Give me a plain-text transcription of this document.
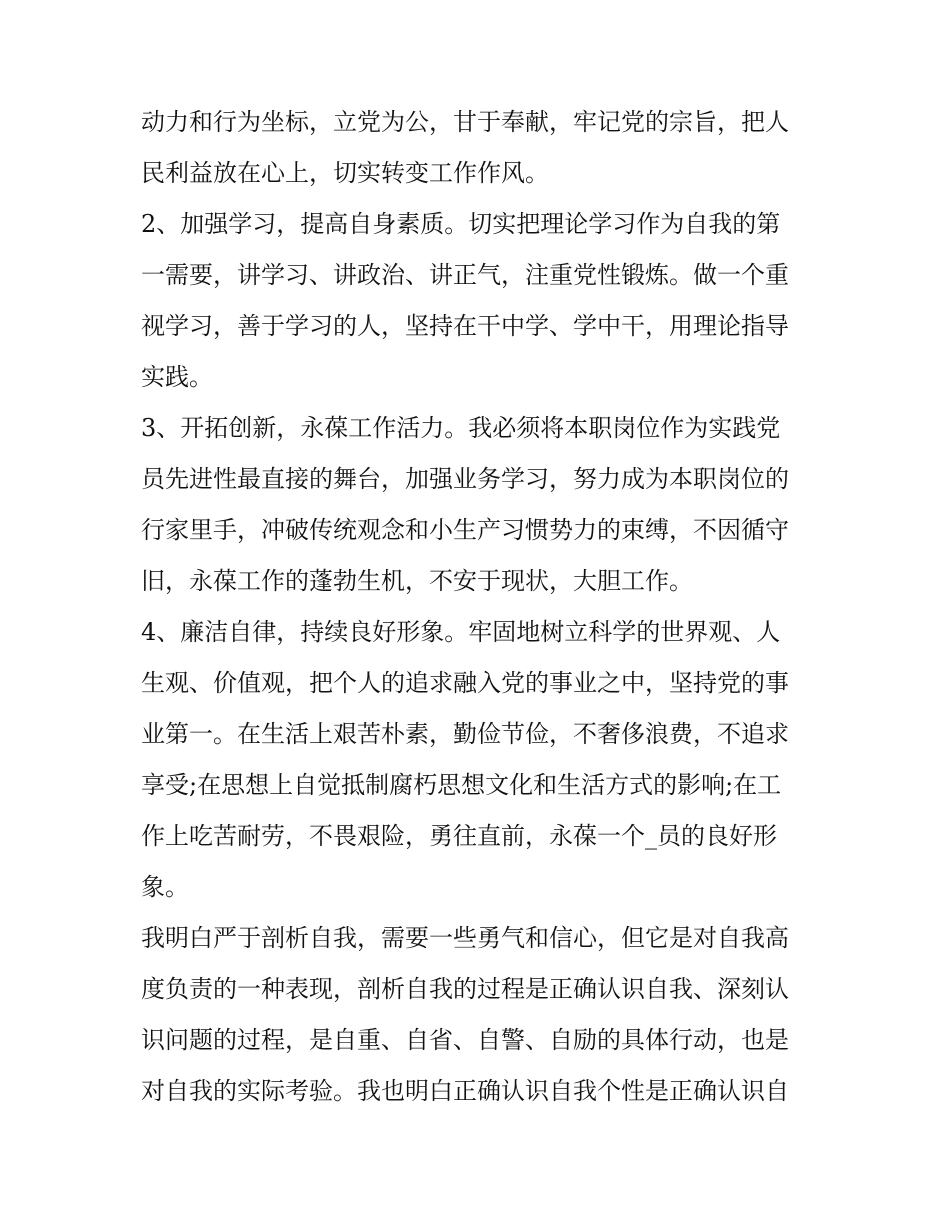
动力和行为坐标，立党为公，甘于奉献，牢记党的宗旨，把人
民利益放在心上，切实转变工作作风。
2、加强学习，提高自身素质。切实把理论学习作为自我的第
一需要，讲学习、讲政治、讲正气，注重党性锻炼。做一个重
视学习，善于学习的人，坚持在干中学、学中干，用理论指导
实践。
3、开拓创新，永葆工作活力。我必须将本职岗位作为实践党
员先进性最直接的舞台，加强业务学习，努力成为本职岗位的
行家里手，冲破传统观念和小生产习惯势力的束缚，不因循守
旧，永葆工作的蓬勃生机，不安于现状，大胆工作。
4、廉洁自律，持续良好形象。牢固地树立科学的世界观、人
生观、价值观，把个人的追求融入党的事业之中，坚持党的事
业第一。在生活上艰苦朴素，勤俭节俭，不奢侈浪费，不追求
享受;在思想上自觉抵制腐朽思想文化和生活方式的影响;在工
作上吃苦耐劳，不畏艰险，勇往直前，永葆一个_员的良好形
象。
我明白严于剖析自我，需要一些勇气和信心，但它是对自我高
度负责的一种表现，剖析自我的过程是正确认识自我、深刻认
识问题的过程，是自重、自省、自警、自励的具体行动，也是
对自我的实际考验。我也明白正确认识自我个性是正确认识自
